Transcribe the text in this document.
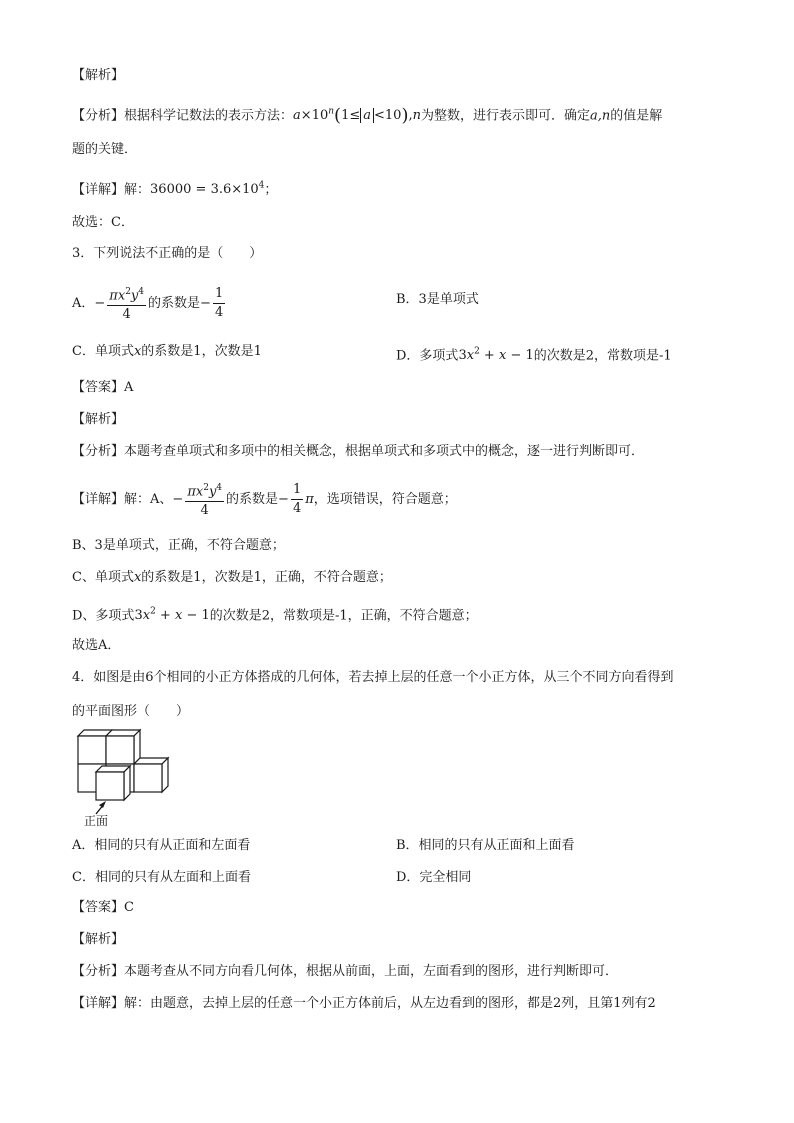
【解析】
【分析】根据科学记数法的表示方法：$a\times 10^n(1\le a <10),n$为整数，进行表示即可．确定a,n的值是解
题的关键．
【详解】解：$36000 = 3.6\times 10^4$；
故选：C．
3．下列说法不正确的是（　　）
A．− $\frac{\pi x^2y^4}{4}$ 的系数是− $\frac{1}{4}$	B．3是单项式
C．单项式x的系数是1，次数是1	D．多项式$3x^2 + x - 1$的次数是2，常数项是-1
【答案】A
【解析】
【分析】本题考查单项式和多项中的相关概念，根据单项式和多项式中的概念，逐一进行判断即可．
【详解】解：A、− $\frac{\pi x^2y^4}{4}$ 的系数是− $\frac{1}{4}$ π，选项错误，符合题意；
B、3是单项式，正确，不符合题意；
C、单项式x的系数是1，次数是1，正确，不符合题意；
D、多项式$3x^2 + x - 1$的次数是2，常数项是-1，正确，不符合题意；
故选A．
4．如图是由6个相同的小正方体搭成的几何体，若去掉上层的任意一个小正方体，从三个不同方向看得到
的平面图形（　　）
正面
A．相同的只有从正面和左面看	B．相同的只有从正面和上面看
C．相同的只有从左面和上面看	D．完全相同
【答案】C
【解析】
【分析】本题考查从不同方向看几何体，根据从前面，上面，左面看到的图形，进行判断即可．
【详解】解：由题意，去掉上层的任意一个小正方体前后，从左边看到的图形，都是2列，且第1列有2
